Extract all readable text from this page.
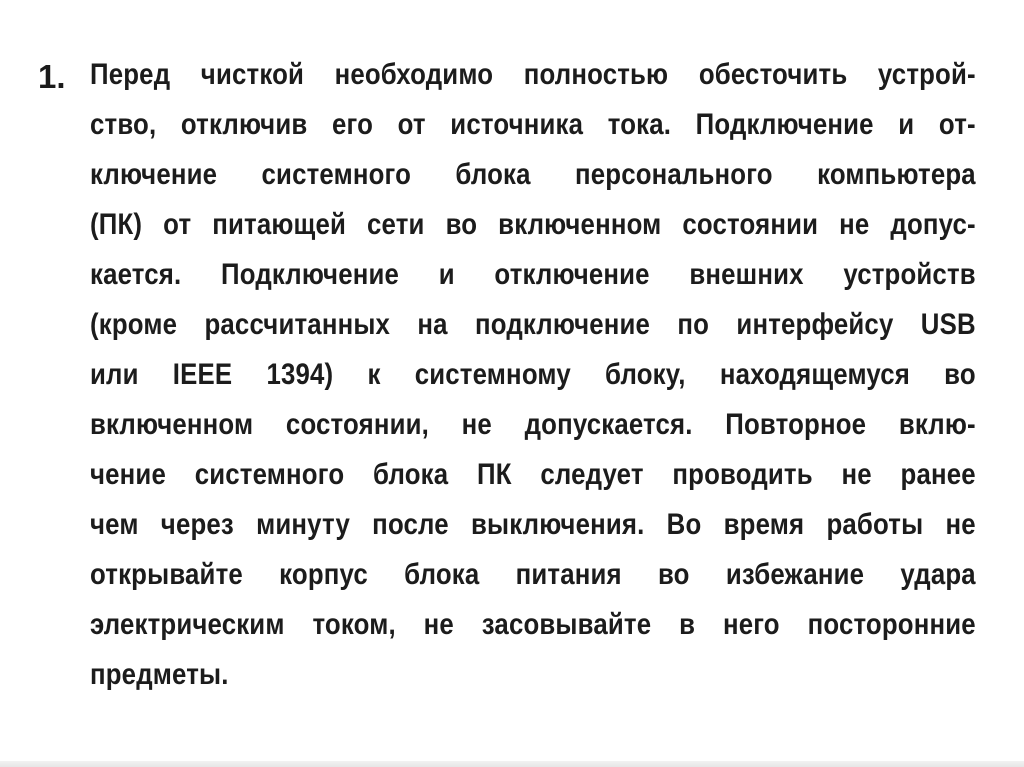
1. Перед чисткой необходимо полностью обесточить устрой-
ство, отключив его от источника тока. Подключение и от-
ключение системного блока персонального компьютера
(ПК) от питающей сети во включенном состоянии не допус-
кается. Подключение и отключение внешних устройств
(кроме рассчитанных на подключение по интерфейсу USB
или IEEE 1394) к системному блоку, находящемуся во
включенном состоянии, не допускается. Повторное вклю-
чение системного блока ПК следует проводить не ранее
чем через минуту после выключения. Во время работы не
открывайте корпус блока питания во избежание удара
электрическим током, не засовывайте в него посторонние
предметы.
